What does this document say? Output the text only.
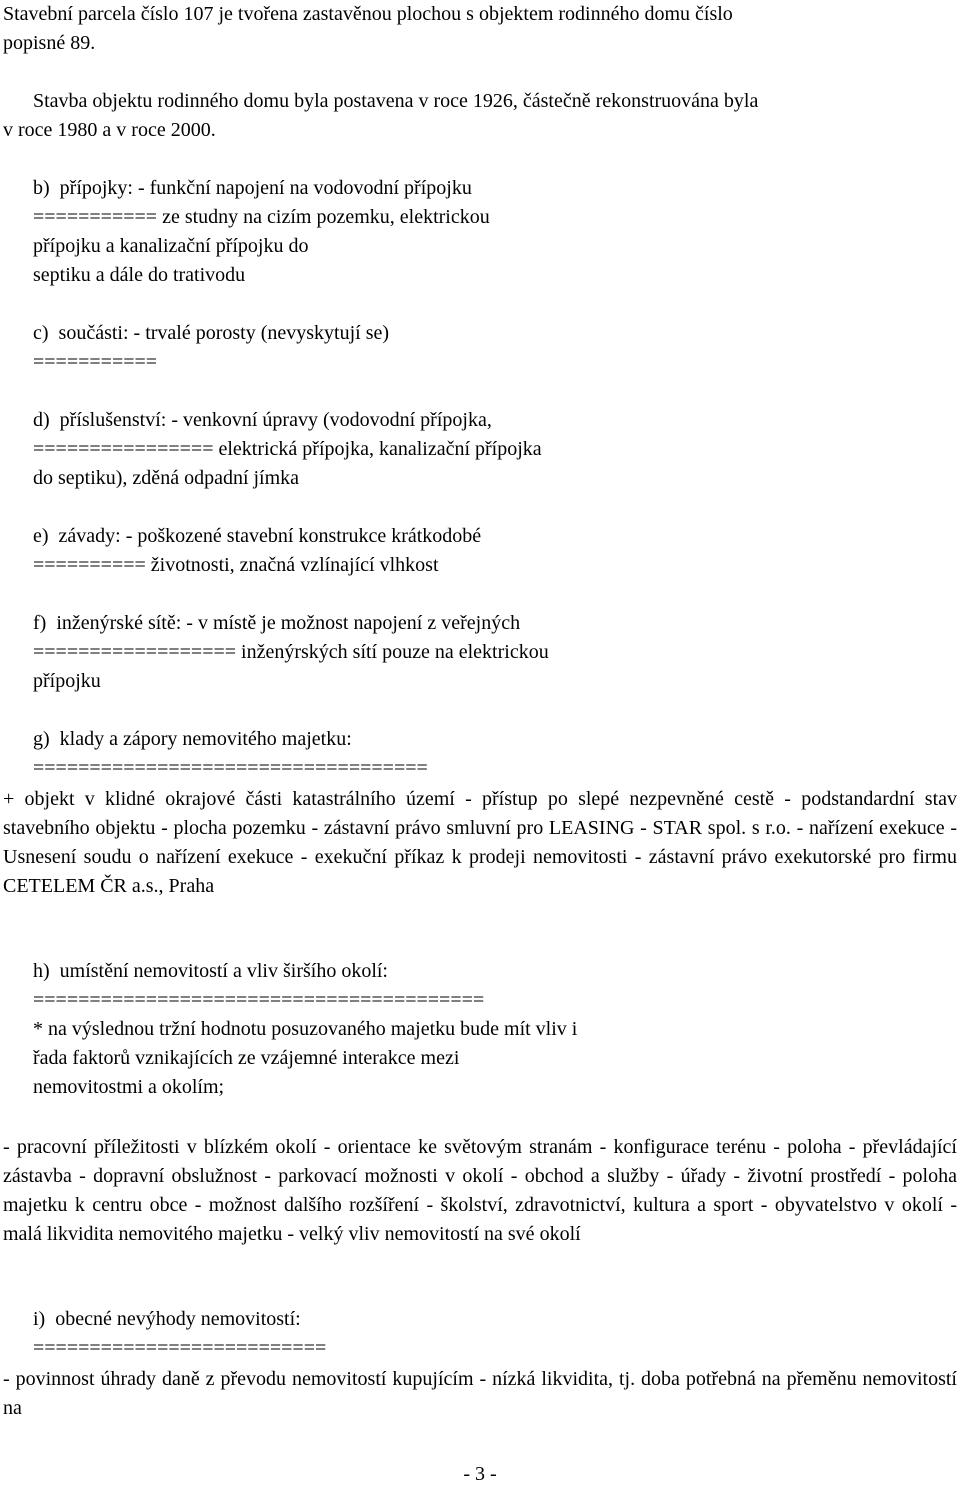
Stavební parcela číslo 107 je tvořena zastavěnou plochou s objektem rodinného domu číslo
popisné 89.
Stavba objektu rodinného domu byla postavena v roce 1926, částečně rekonstruována byla
v roce 1980 a v roce 2000.
b)  přípojky: - funkční napojení na vodovodní přípojku
=========== ze studny na cizím pozemku, elektrickou
přípojku a kanalizační přípojku do
septiku a dále do trativodu
c)  součásti: - trvalé porosty (nevyskytují se)
===========
d)  příslušenství: - venkovní úpravy (vodovodní přípojka,
================ elektrická přípojka, kanalizační přípojka
do septiku), zděná odpadní jímka
e)  závady: - poškozené stavební konstrukce krátkodobé
========== životnosti, značná vzlínající vlhkost
f)  inženýrské sítě: - v místě je možnost napojení z veřejných
================== inženýrských sítí pouze na elektrickou
přípojku
g)  klady a zápory nemovitého majetku:
===================================

+ objekt v klidné okrajové části katastrálního území - přístup po slepé nezpevněné cestě - podstandardní stav stavebního objektu - plocha pozemku - zástavní právo smluvní pro LEASING - STAR spol. s r.o. - nařízení exekuce - Usnesení soudu o nařízení exekuce - exekuční příkaz k prodeji nemovitosti - zástavní právo exekutorské pro firmu CETELEM ČR a.s., Praha

h)  umístění nemovitostí a vliv širšího okolí:
========================================
* na výslednou tržní hodnotu posuzovaného majetku bude mít vliv i
řada faktorů vznikajících ze vzájemné interakce mezi
nemovitostmi a okolím;

- pracovní příležitosti v blízkém okolí - orientace ke světovým stranám - konfigurace terénu - poloha - převládající zástavba - dopravní obslužnost - parkovací možnosti v okolí - obchod a služby - úřady - životní prostředí - poloha majetku k centru obce - možnost dalšího rozšíření - školství, zdravotnictví, kultura a sport - obyvatelstvo v okolí - malá likvidita nemovitého majetku - velký vliv nemovitostí na své okolí

i)  obecné nevýhody nemovitostí:
==========================

- povinnost úhrady daně z převodu nemovitostí kupujícím - nízká likvidita, tj. doba potřebná na přeměnu nemovitostí na

- 3 -
